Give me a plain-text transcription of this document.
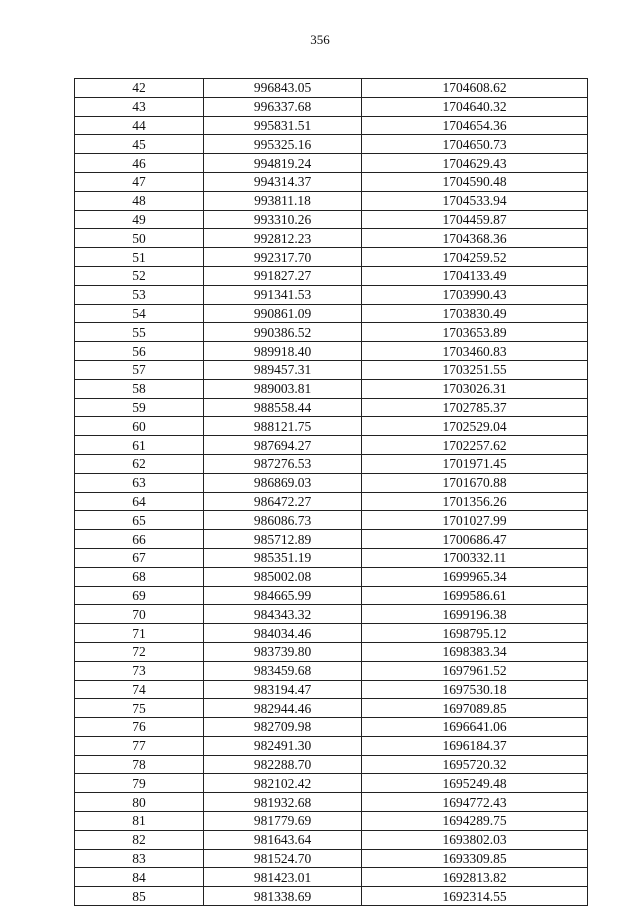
356
42	996843.05	1704608.62
43	996337.68	1704640.32
44	995831.51	1704654.36
45	995325.16	1704650.73
46	994819.24	1704629.43
47	994314.37	1704590.48
48	993811.18	1704533.94
49	993310.26	1704459.87
50	992812.23	1704368.36
51	992317.70	1704259.52
52	991827.27	1704133.49
53	991341.53	1703990.43
54	990861.09	1703830.49
55	990386.52	1703653.89
56	989918.40	1703460.83
57	989457.31	1703251.55
58	989003.81	1703026.31
59	988558.44	1702785.37
60	988121.75	1702529.04
61	987694.27	1702257.62
62	987276.53	1701971.45
63	986869.03	1701670.88
64	986472.27	1701356.26
65	986086.73	1701027.99
66	985712.89	1700686.47
67	985351.19	1700332.11
68	985002.08	1699965.34
69	984665.99	1699586.61
70	984343.32	1699196.38
71	984034.46	1698795.12
72	983739.80	1698383.34
73	983459.68	1697961.52
74	983194.47	1697530.18
75	982944.46	1697089.85
76	982709.98	1696641.06
77	982491.30	1696184.37
78	982288.70	1695720.32
79	982102.42	1695249.48
80	981932.68	1694772.43
81	981779.69	1694289.75
82	981643.64	1693802.03
83	981524.70	1693309.85
84	981423.01	1692813.82
85	981338.69	1692314.55
